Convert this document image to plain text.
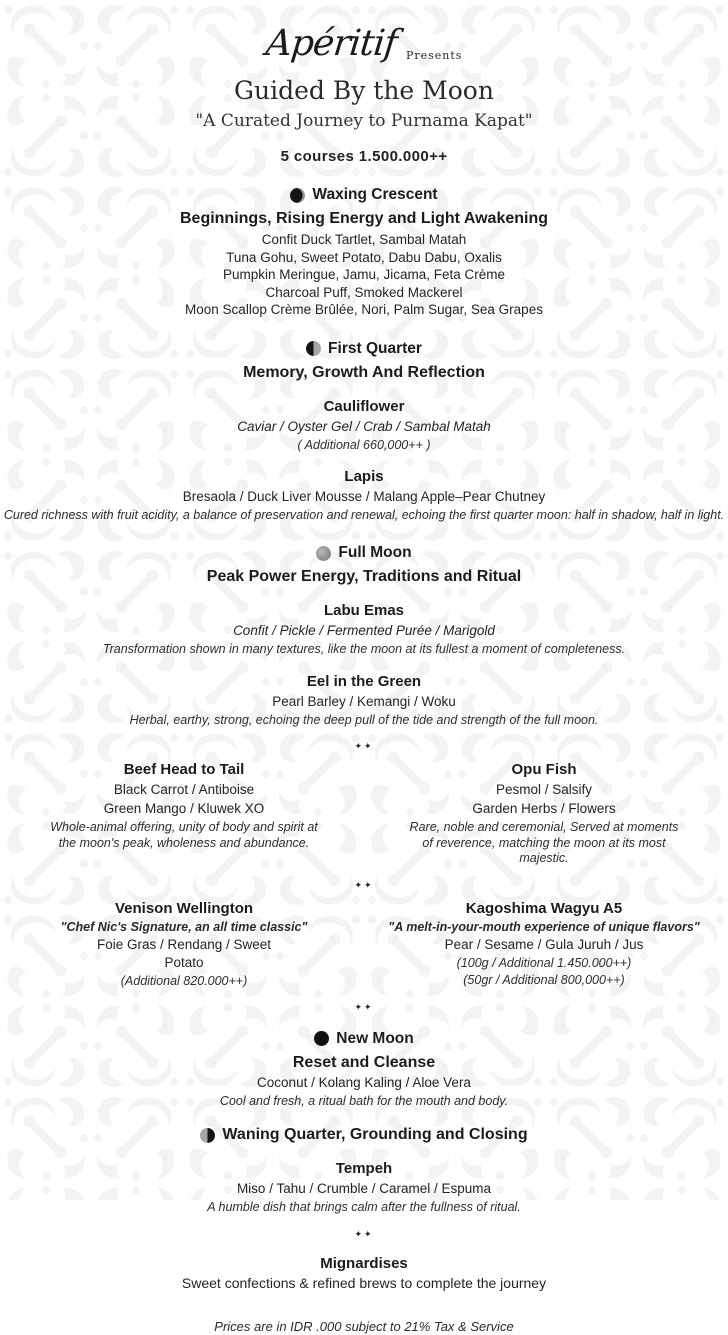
Apéritif Presents
Guided By the Moon
"A Curated Journey to Purnama Kapat"
5 courses 1.500.000++
Waxing Crescent
Beginnings, Rising Energy and Light Awakening
Confit Duck Tartlet, Sambal Matah
Tuna Gohu, Sweet Potato, Dabu Dabu, Oxalis
Pumpkin Meringue, Jamu, Jicama, Feta Crème
Charcoal Puff, Smoked Mackerel
Moon Scallop Crème Brûlée, Nori, Palm Sugar, Sea Grapes
First Quarter
Memory, Growth And Reflection
Cauliflower
Caviar / Oyster Gel / Crab / Sambal Matah
( Additional 660,000++ )
Lapis
Bresaola / Duck Liver Mousse / Malang Apple–Pear Chutney
Cured richness with fruit acidity, a balance of preservation and renewal, echoing the first quarter moon: half in shadow, half in light.
Full Moon
Peak Power Energy, Traditions and Ritual
Labu Emas
Confit / Pickle / Fermented Purée / Marigold
Transformation shown in many textures, like the moon at its fullest a moment of completeness.
Eel in the Green
Pearl Barley / Kemangi / Woku
Herbal, earthy, strong, echoing the deep pull of the tide and strength of the full moon.
✦✦
Beef Head to Tail
Black Carrot / Antiboise
Green Mango / Kluwek XO
Whole-animal offering, unity of body and spirit at the moon's peak, wholeness and abundance.
Opu Fish
Pesmol / Salsify
Garden Herbs / Flowers
Rare, noble and ceremonial, Served at moments of reverence, matching the moon at its most majestic.
✦✦
Venison Wellington
"Chef Nic's Signature, an all time classic"
Foie Gras / Rendang / Sweet Potato
(Additional 820.000++)
Kagoshima Wagyu A5
"A melt-in-your-mouth experience of unique flavors"
Pear / Sesame / Gula Juruh / Jus
(100g / Additional 1.450.000++)
(50gr / Additional 800,000++)
✦✦
New Moon
Reset and Cleanse
Coconut / Kolang Kaling / Aloe Vera
Cool and fresh, a ritual bath for the mouth and body.
Waning Quarter, Grounding and Closing
Tempeh
Miso / Tahu / Crumble / Caramel / Espuma
A humble dish that brings calm after the fullness of ritual.
✦✦
Mignardises
Sweet confections & refined brews to complete the journey
Prices are in IDR .000 subject to 21% Tax & Service
